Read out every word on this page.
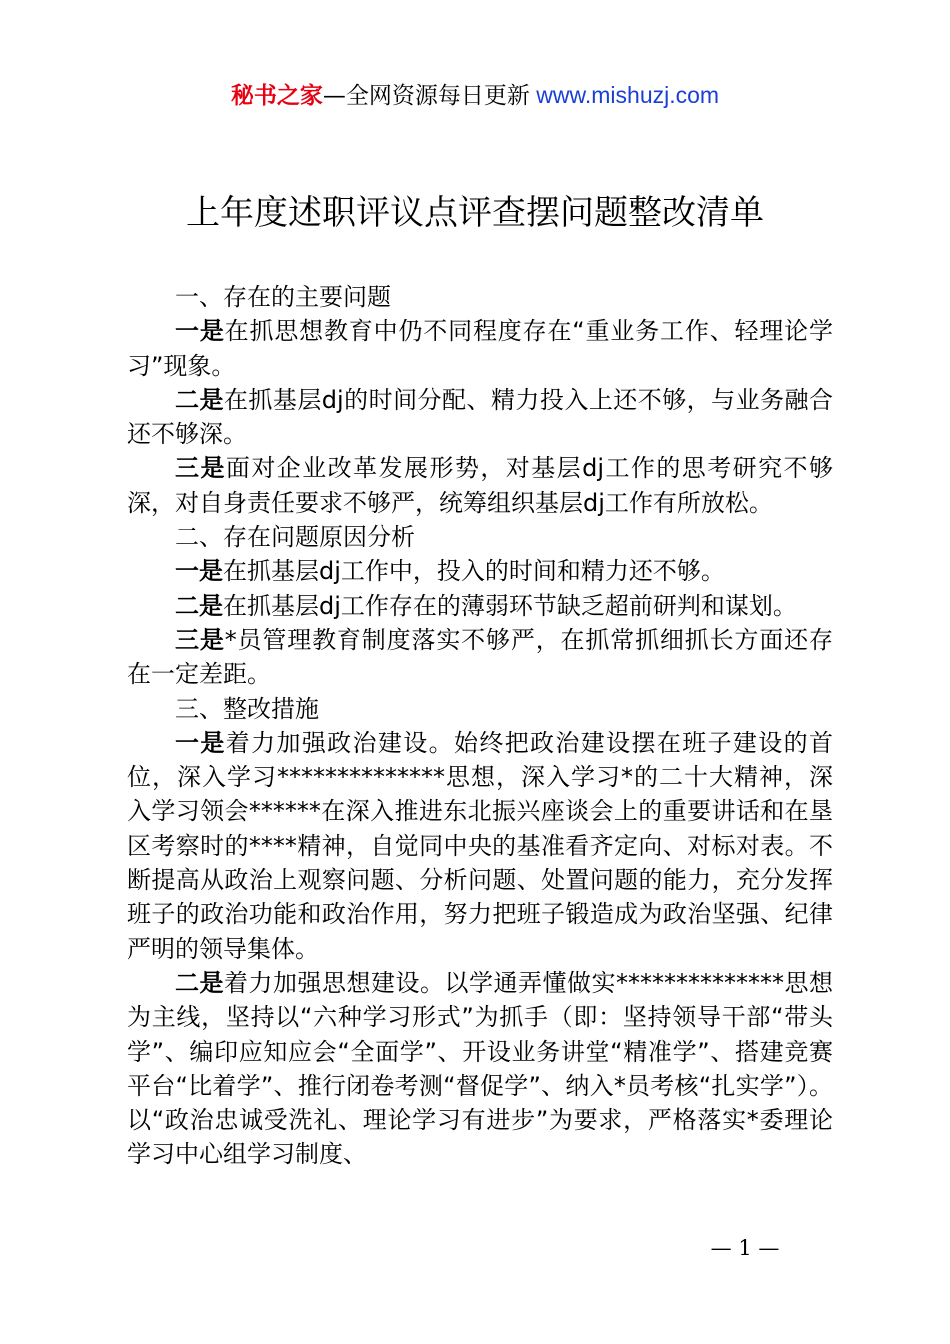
秘书之家—全网资源每日更新 www.mishuzj.com
上年度述职评议点评查摆问题整改清单

一、存在的主要问题

一是在抓思想教育中仍不同程度存在“重业务工作、轻理论学习”现象。

二是在抓基层dj的时间分配、精力投入上还不够，与业务融合还不够深。

三是面对企业改革发展形势，对基层dj工作的思考研究不够深，对自身责任要求不够严，统筹组织基层dj工作有所放松。

二、存在问题原因分析

一是在抓基层dj工作中，投入的时间和精力还不够。

二是在抓基层dj工作存在的薄弱环节缺乏超前研判和谋划。

三是*员管理教育制度落实不够严，在抓常抓细抓长方面还存在一定差距。

三、整改措施

一是着力加强政治建设。始终把政治建设摆在班子建设的首位，深入学习**************思想，深入学习*的二十大精神，深入学习领会******在深入推进东北振兴座谈会上的重要讲话和在垦区考察时的****精神，自觉同中央的基准看齐定向、对标对表。不断提高从政治上观察问题、分析问题、处置问题的能力，充分发挥班子的政治功能和政治作用，努力把班子锻造成为政治坚强、纪律严明的领导集体。

二是着力加强思想建设。以学通弄懂做实**************思想为主线，坚持以“六种学习形式”为抓手（即：坚持领导干部“带头学”、编印应知应会“全面学”、开设业务讲堂“精准学”、搭建竞赛平台“比着学”、推行闭卷考测“督促学”、纳入*员考核“扎实学”）。以“政治忠诚受洗礼、理论学习有进步”为要求，严格落实*委理论学习中心组学习制度、

— 1 —
